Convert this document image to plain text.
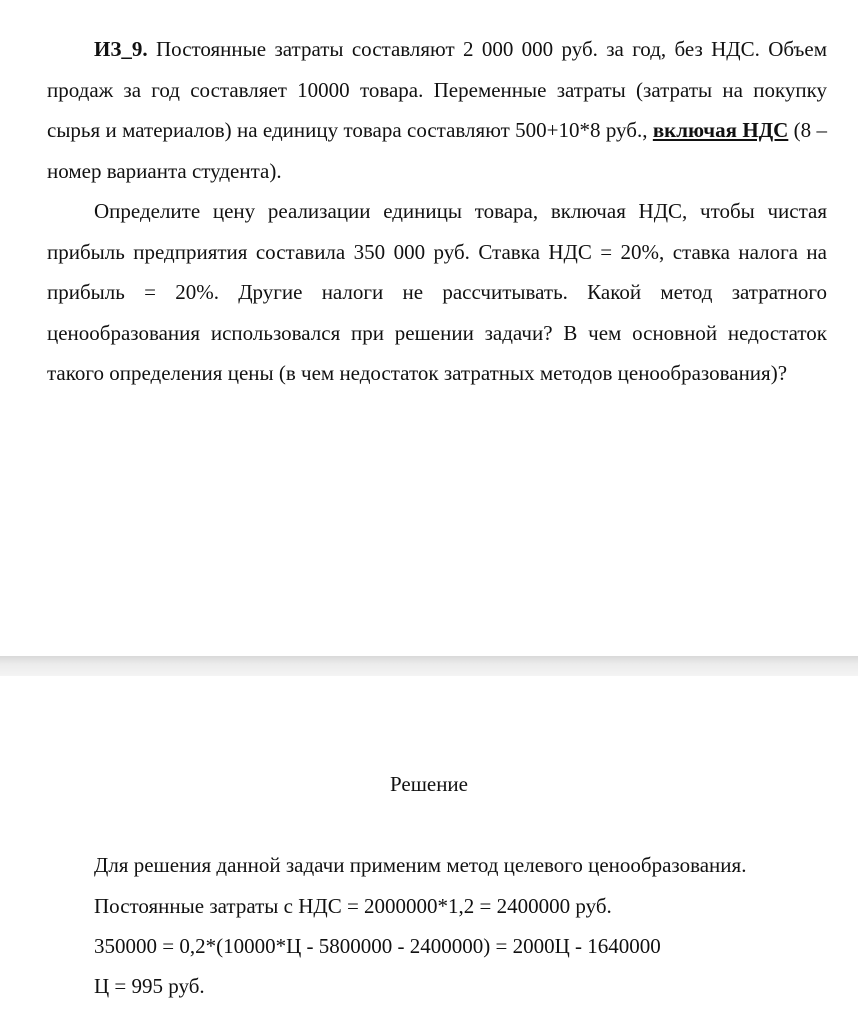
ИЗ_9. Постоянные затраты составляют 2 000 000 руб. за год, без НДС. Объем продаж за год составляет 10000 товара. Переменные затраты (затраты на покупку сырья и материалов) на единицу товара составляют 500+10*8 руб., включая НДС (8 – номер варианта студента).
Определите цену реализации единицы товара, включая НДС, чтобы чистая прибыль предприятия составила 350 000 руб. Ставка НДС = 20%, ставка налога на прибыль = 20%. Другие налоги не рассчитывать. Какой метод затратного ценообразования использовался при решении задачи? В чем основной недостаток такого определения цены (в чем недостаток затратных методов ценообразования)?
Решение
Для решения данной задачи применим метод целевого ценообразования.
Постоянные затраты с НДС = 2000000*1,2 = 2400000 руб.
350000 = 0,2*(10000*Ц - 5800000 - 2400000) = 2000Ц - 1640000
Ц = 995 руб.
